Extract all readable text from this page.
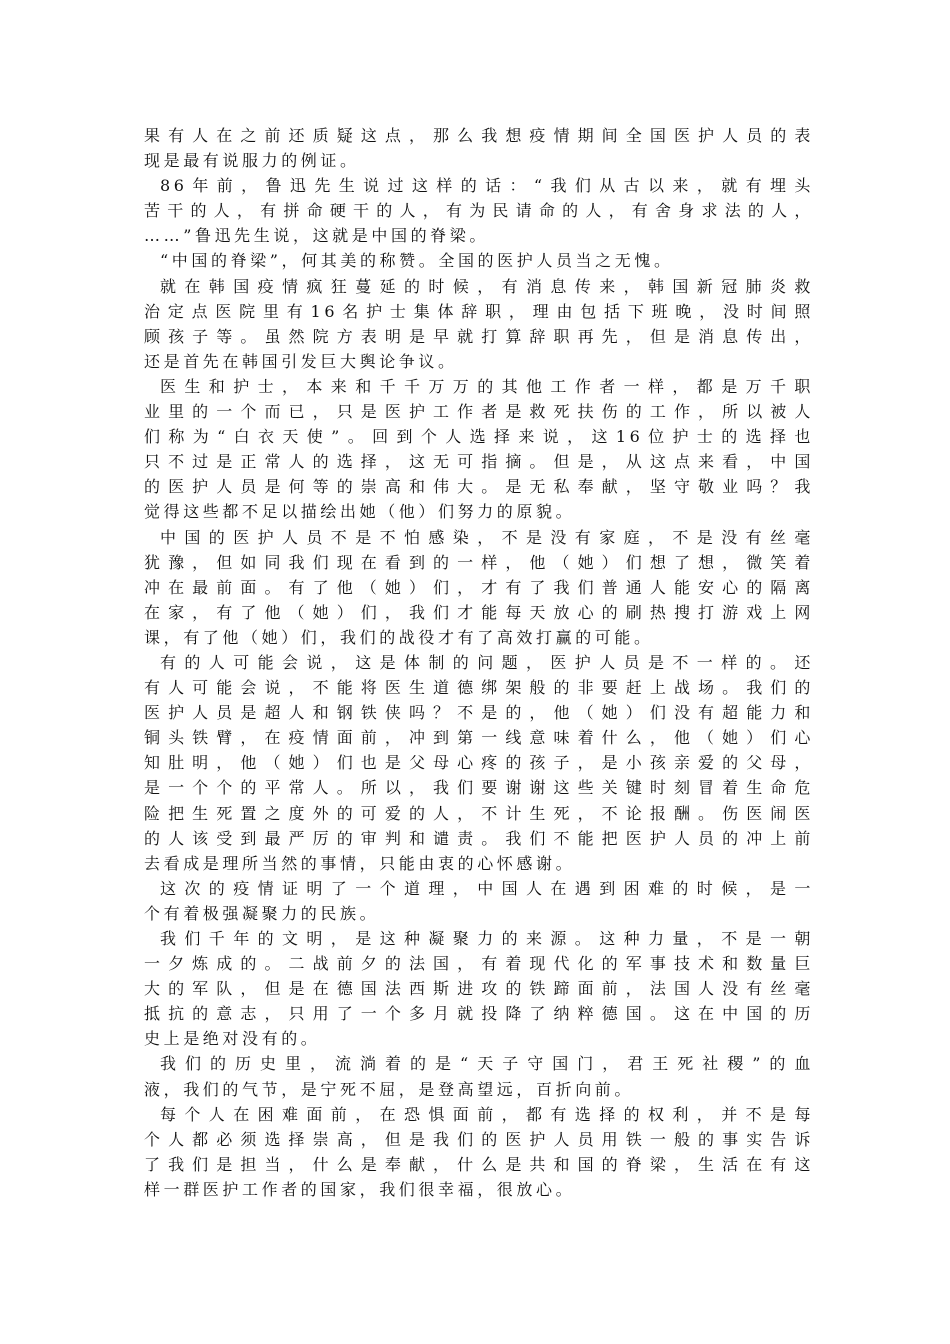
果有人在之前还质疑这点，那么我想疫情期间全国医护人员的表
现是最有说服力的例证。
86年前，鲁迅先生说过这样的话：“我们从古以来，就有埋头
苦干的人，有拼命硬干的人，有为民请命的人，有舍身求法的人，
……”鲁迅先生说，这就是中国的脊梁。
“中国的脊梁”，何其美的称赞。全国的医护人员当之无愧。
就在韩国疫情疯狂蔓延的时候，有消息传来，韩国新冠肺炎救
治定点医院里有16名护士集体辞职，理由包括下班晚，没时间照
顾孩子等。虽然院方表明是早就打算辞职再先，但是消息传出，
还是首先在韩国引发巨大舆论争议。
医生和护士，本来和千千万万的其他工作者一样，都是万千职
业里的一个而已，只是医护工作者是救死扶伤的工作，所以被人
们称为“白衣天使”。回到个人选择来说，这16位护士的选择也
只不过是正常人的选择，这无可指摘。但是，从这点来看，中国
的医护人员是何等的崇高和伟大。是无私奉献，坚守敬业吗？我
觉得这些都不足以描绘出她（他）们努力的原貌。
中国的医护人员不是不怕感染，不是没有家庭，不是没有丝毫
犹豫，但如同我们现在看到的一样，他（她）们想了想，微笑着
冲在最前面。有了他（她）们，才有了我们普通人能安心的隔离
在家，有了他（她）们，我们才能每天放心的刷热搜打游戏上网
课，有了他（她）们，我们的战役才有了高效打赢的可能。
有的人可能会说，这是体制的问题，医护人员是不一样的。还
有人可能会说，不能将医生道德绑架般的非要赶上战场。我们的
医护人员是超人和钢铁侠吗？不是的，他（她）们没有超能力和
铜头铁臂，在疫情面前，冲到第一线意味着什么，他（她）们心
知肚明，他（她）们也是父母心疼的孩子，是小孩亲爱的父母，
是一个个的平常人。所以，我们要谢谢这些关键时刻冒着生命危
险把生死置之度外的可爱的人，不计生死，不论报酬。伤医闹医
的人该受到最严厉的审判和谴责。我们不能把医护人员的冲上前
去看成是理所当然的事情，只能由衷的心怀感谢。
这次的疫情证明了一个道理，中国人在遇到困难的时候，是一
个有着极强凝聚力的民族。
我们千年的文明，是这种凝聚力的来源。这种力量，不是一朝
一夕炼成的。二战前夕的法国，有着现代化的军事技术和数量巨
大的军队，但是在德国法西斯进攻的铁蹄面前，法国人没有丝毫
抵抗的意志，只用了一个多月就投降了纳粹德国。这在中国的历
史上是绝对没有的。
我们的历史里，流淌着的是“天子守国门，君王死社稷”的血
液，我们的气节，是宁死不屈，是登高望远，百折向前。
每个人在困难面前，在恐惧面前，都有选择的权利，并不是每
个人都必须选择崇高，但是我们的医护人员用铁一般的事实告诉
了我们是担当，什么是奉献，什么是共和国的脊梁，生活在有这
样一群医护工作者的国家，我们很幸福，很放心。
